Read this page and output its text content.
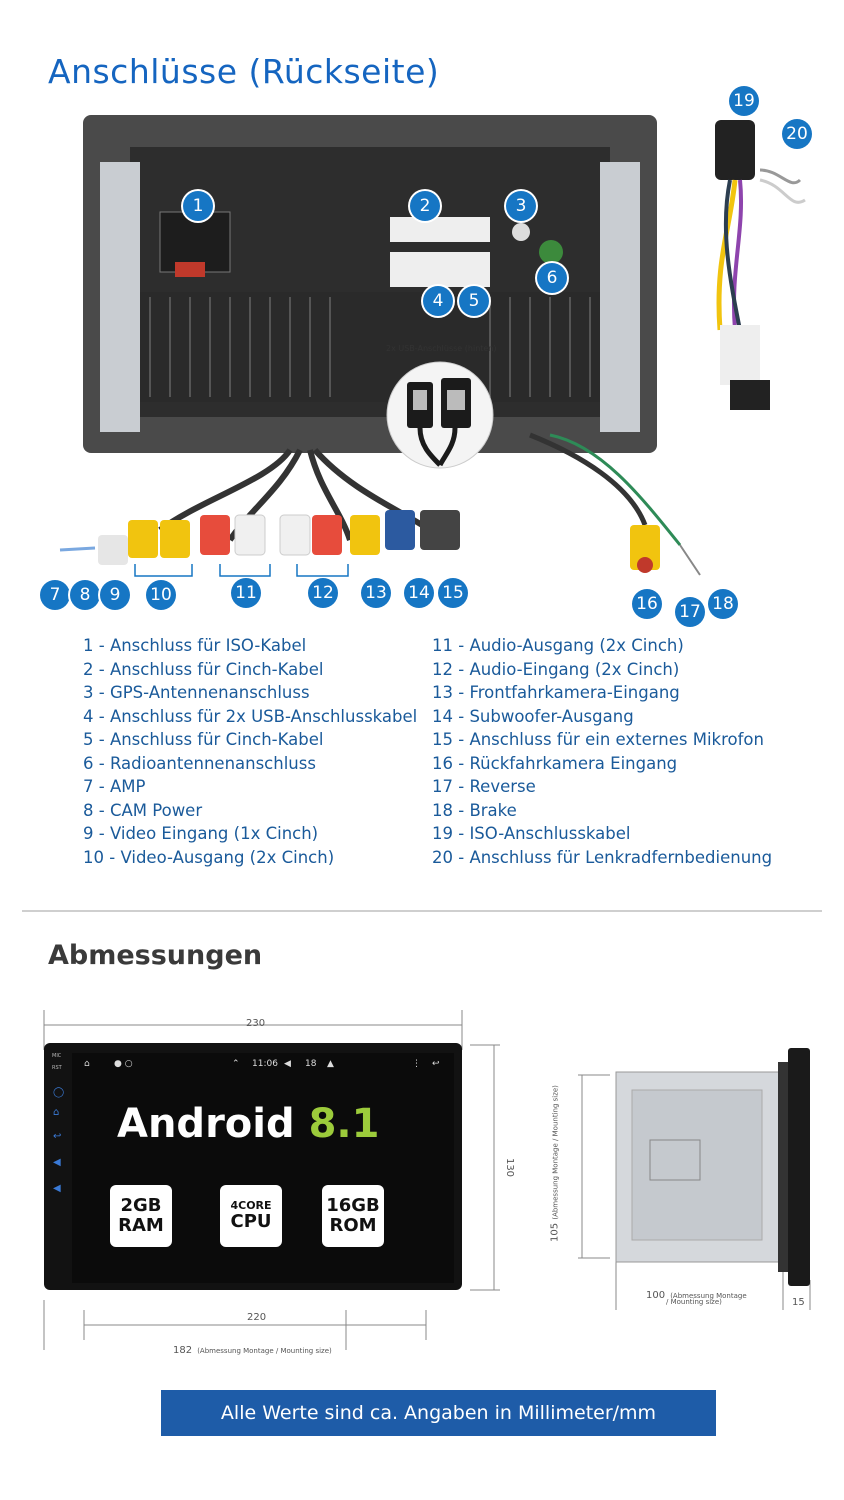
Anschlüsse (Rückseite)
2x USB-Anschlüsse (hinten)
1	2	3
4	5
6
7	8	9	10	11	12 13 14 15
16 17 18
19
20
1 - Anschluss für ISO-Kabel
2 - Anschluss für Cinch-Kabel
3 - GPS-Antennenanschluss
4 - Anschluss für 2x USB-Anschlusskabel
5 - Anschluss für Cinch-Kabel
6 - Radioantennenanschluss
7 - AMP
8 - CAM Power
9 - Video Eingang (1x Cinch)
10 - Video-Ausgang (2x Cinch)
11 - Audio-Ausgang (2x Cinch)
12 - Audio-Eingang (2x Cinch)
13 - Frontfahrkamera-Eingang
14 - Subwoofer-Ausgang
15 - Anschluss für ein externes Mikrofon
16 - Rückfahrkamera Eingang
17 - Reverse
18 - Brake
19 - ISO-Anschlusskabel
20 - Anschluss für Lenkradfernbedienung
Abmessungen
230
130
220
182 (Abmessung Montage / Mounting size)
⌂	● ○	⌃ 11:06 ◀ 18 ▲	⋮ ↩
Android 8.1
2GB
RAM
4CORE
CPU
16GB
ROM
MIC
RST
◯
⌂
↩
◀
◀
105 (Abmessung Montage / Mounting size)
100 (Abmessung Montage
/ Mounting size)	15
Alle Werte sind ca. Angaben in Millimeter/mm
